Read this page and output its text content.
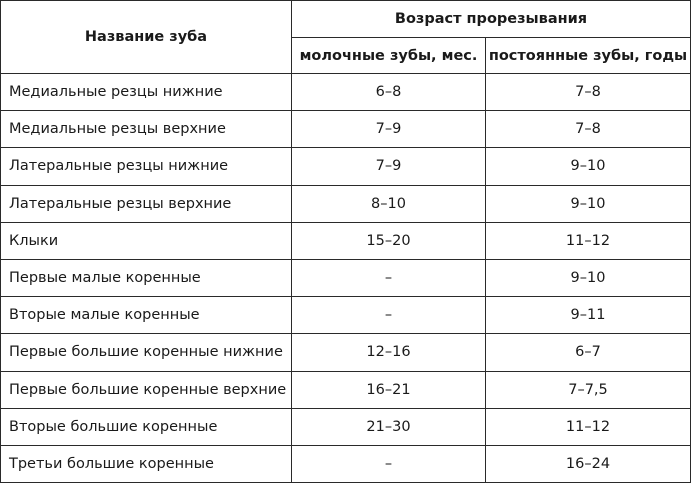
Название зуба	Возраст прорезывания	
	молочные зубы, мес.	постоянные зубы, годы
Медиальные резцы нижние	6–8	7–8
Медиальные резцы верхние	7–9	7–8
Латеральные резцы нижние	7–9	9–10
Латеральные резцы верхние	8–10	9–10
Клыки	15–20	11–12
Первые малые коренные	–	9–10
Вторые малые коренные	–	9–11
Первые большие коренные нижние	12–16	6–7
Первые большие коренные верхние	16–21	7–7,5
Вторые большие коренные	21–30	11–12
Третьи большие коренные	–	16–24
